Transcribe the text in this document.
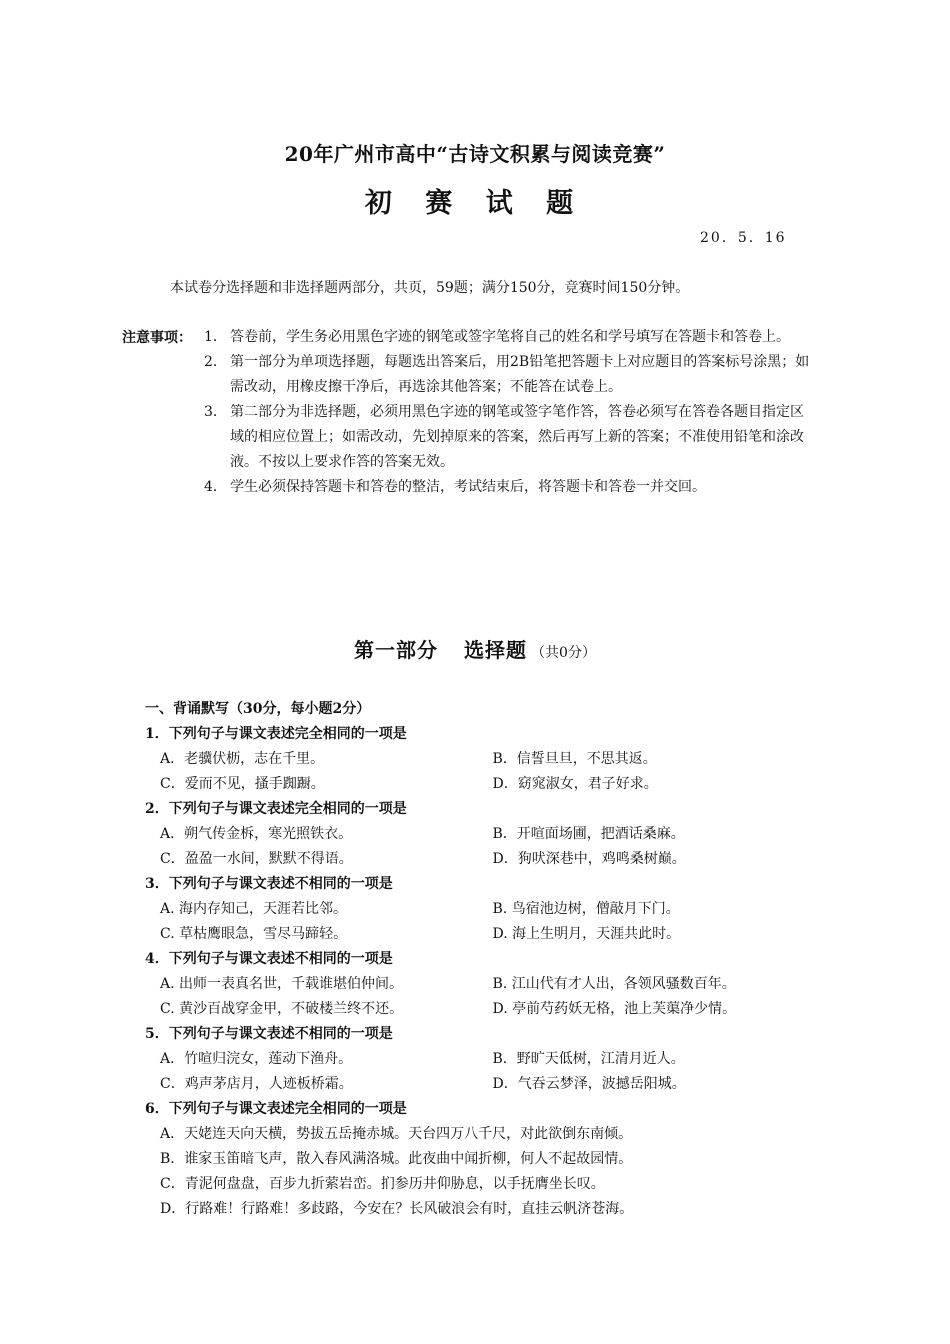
20年广州市高中“古诗文积累与阅读竞赛”
初 赛 试 题
20．5．16
本试卷分选择题和非选择题两部分，共页，59题；满分150分，竞赛时间150分钟。
注意事项： 1． 答卷前，学生务必用黑色字迹的钢笔或签字笔将自己的姓名和学号填写在答题卡和答卷上。
2． 第一部分为单项选择题，每题选出答案后，用2B铅笔把答题卡上对应题目的答案标号涂黑；如需改动，用橡皮擦干净后，再选涂其他答案；不能答在试卷上。
3． 第二部分为非选择题，必须用黑色字迹的钢笔或签字笔作答，答卷必须写在答卷各题目指定区域的相应位置上；如需改动，先划掉原来的答案，然后再写上新的答案；不准使用铅笔和涂改液。不按以上要求作答的答案无效。
4． 学生必须保持答题卡和答卷的整洁，考试结束后，将答题卡和答卷一并交回。
第一部分 选择题 （共0分）
一、背诵默写（30分，每小题2分）
1．下列句子与课文表述完全相同的一项是
A．老骥伏枥，志在千里。	B．信誓旦旦，不思其返。
C．爱而不见，搔手踟蹰。	D．窈窕淑女，君子好求。
2．下列句子与课文表述完全相同的一项是
A．朔气传金柝，寒光照铁衣。	B．开喧面场圃，把酒话桑麻。
C．盈盈一水间，默默不得语。	D．狗吠深巷中，鸡鸣桑树巅。
3．下列句子与课文表述不相同的一项是
A. 海内存知己，天涯若比邻。	B. 鸟宿池边树，僧敲月下门。
C. 草枯鹰眼急，雪尽马蹄轻。	D. 海上生明月，天涯共此时。
4．下列句子与课文表述不相同的一项是
A. 出师一表真名世，千载谁堪伯仲间。	B. 江山代有才人出，各领风骚数百年。
C. 黄沙百战穿金甲，不破楼兰终不还。	D. 亭前芍药妖无格，池上芙蕖净少情。
5．下列句子与课文表述不相同的一项是
A．竹喧归浣女，莲动下渔舟。	B．野旷天低树，江清月近人。
C．鸡声茅店月，人迹板桥霜。	D．气吞云梦泽，波撼岳阳城。
6．下列句子与课文表述完全相同的一项是
A．天姥连天向天横，势拔五岳掩赤城。天台四万八千尺，对此欲倒东南倾。
B．谁家玉笛暗飞声，散入春风满洛城。此夜曲中闻折柳，何人不起故园情。
C．青泥何盘盘，百步九折萦岩峦。扪参历井仰胁息，以手抚膺坐长叹。
D．行路难！行路难！多歧路，今安在？长风破浪会有时，直挂云帆济苍海。
